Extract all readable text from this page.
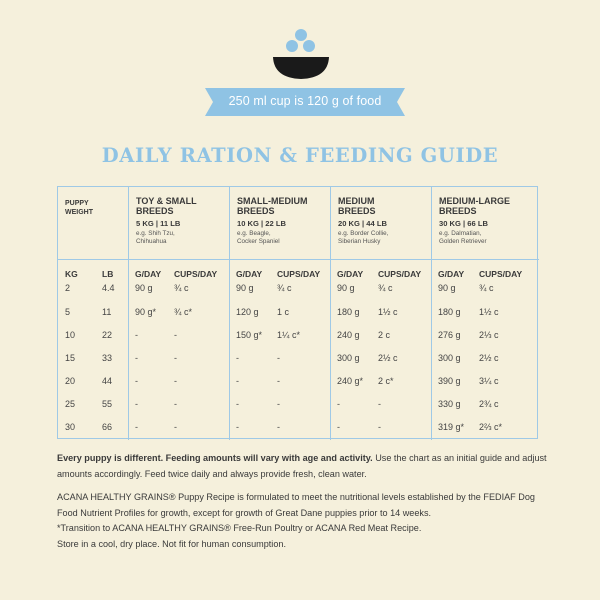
250 ml cup is 120 g of food
DAILY RATION & FEEDING GUIDE
PUPPY
WEIGHT
TOY & SMALL
BREEDS
5 KG | 11 LB
e.g. Shih Tzu,
Chihuahua
SMALL-MEDIUM
BREEDS
10 KG | 22 LB
e.g. Beagle,
Cocker Spaniel
MEDIUM
BREEDS
20 KG | 44 LB
e.g. Border Collie,
Siberian Husky
MEDIUM-LARGE
BREEDS
30 KG | 66 LB
e.g. Dalmatian,
Golden Retriever
KG	LB	G/DAY CUPS/DAY G/DAY CUPS/DAY G/DAY CUPS/DAY G/DAY CUPS/DAY
2	4.4 90 g ¾ c	90 g	¾ c	90 g	¾ c	90 g	¾ c
5	11	90 g* ¾ c*	120 g 1 c	180 g 1½ c	180 g 1½ c
10	22	-	-	150 g* 1¼ c*	240 g 2 c	276 g 2⅓ c
15	33	-	-	-	-	300 g 2½ c	300 g 2½ c
20	44	-	-	-	-	240 g* 2 c*	390 g 3¼ c
25	55	-	-	-	-	-	-	330 g 2¾ c
30	66	-	-	-	-	-	-	319 g* 2⅔ c*

Every puppy is different. Feeding amounts will vary with age and activity. Use the chart as an initial guide and adjust amounts accordingly. Feed twice daily and always provide fresh, clean water.

ACANA HEALTHY GRAINS® Puppy Recipe is formulated to meet the nutritional levels established by the FEDIAF Dog Food Nutrient Profiles for growth, except for growth of Great Dane puppies prior to 14 weeks.

*Transition to ACANA HEALTHY GRAINS® Free-Run Poultry or ACANA Red Meat Recipe.

Store in a cool, dry place. Not fit for human consumption.
